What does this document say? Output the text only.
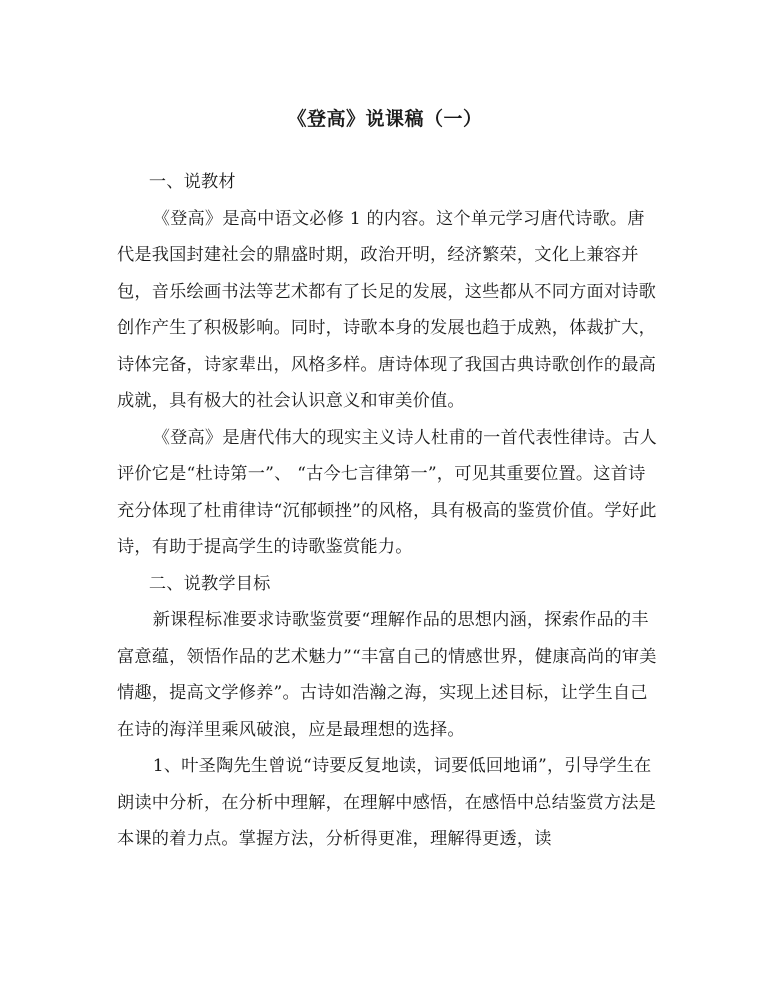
《登高》说课稿（一）

一、说教材

《登高》是高中语文必修 1 的内容。这个单元学习唐代诗歌。唐代是我国封建社会的鼎盛时期，政治开明，经济繁荣，文化上兼容并包，音乐绘画书法等艺术都有了长足的发展，这些都从不同方面对诗歌创作产生了积极影响。同时，诗歌本身的发展也趋于成熟，体裁扩大，诗体完备，诗家辈出，风格多样。唐诗体现了我国古典诗歌创作的最高成就，具有极大的社会认识意义和审美价值。

《登高》是唐代伟大的现实主义诗人杜甫的一首代表性律诗。古人评价它是“杜诗第一”、 “古今七言律第一”，可见其重要位置。这首诗充分体现了杜甫律诗“沉郁顿挫”的风格，具有极高的鉴赏价值。学好此诗，有助于提高学生的诗歌鉴赏能力。

二、说教学目标

新课程标准要求诗歌鉴赏要“理解作品的思想内涵，探索作品的丰富意蕴，领悟作品的艺术魅力”“丰富自己的情感世界，健康高尚的审美情趣，提高文学修养”。古诗如浩瀚之海，实现上述目标，让学生自己在诗的海洋里乘风破浪，应是最理想的选择。

1、叶圣陶先生曾说“诗要反复地读，词要低回地诵”，引导学生在朗读中分析，在分析中理解，在理解中感悟，在感悟中总结鉴赏方法是本课的着力点。掌握方法，分析得更准，理解得更透，读
